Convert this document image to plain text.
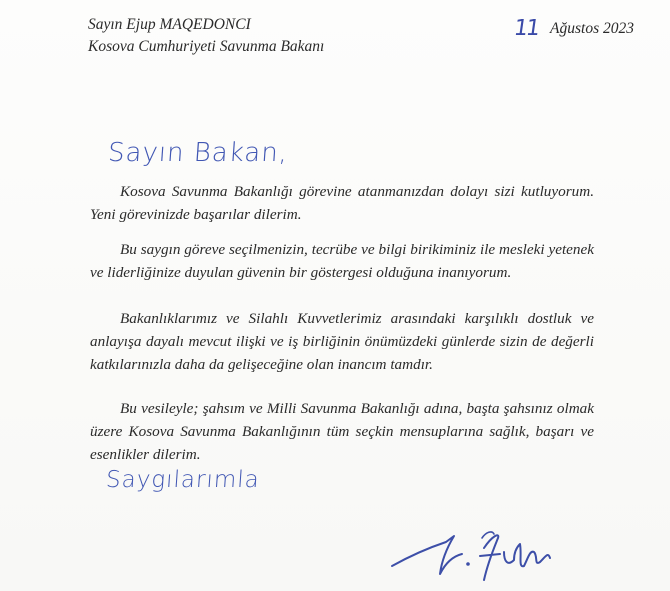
Sayın Ejup MAQEDONCI
Kosova Cumhuriyeti Savunma Bakanı
11 Ağustos 2023
Sayın Bakan,

Kosova Savunma Bakanlığı görevine atanmanızdan dolayı sizi kutluyorum. Yeni görevinizde başarılar dilerim.

Bu saygın göreve seçilmenizin, tecrübe ve bilgi birikiminiz ile mesleki yetenek ve liderliğinize duyulan güvenin bir göstergesi olduğuna inanıyorum.

Bakanlıklarımız ve Silahlı Kuvvetlerimiz arasındaki karşılıklı dostluk ve anlayışa dayalı mevcut ilişki ve iş birliğinin önümüzdeki günlerde sizin de değerli katkılarınızla daha da gelişeceğine olan inancım tamdır.

Bu vesileyle; şahsım ve Milli Savunma Bakanlığı adına, başta şahsınız olmak üzere Kosova Savunma Bakanlığının tüm seçkin mensuplarına sağlık, başarı ve esenlikler dilerim.

Saygılarımla
